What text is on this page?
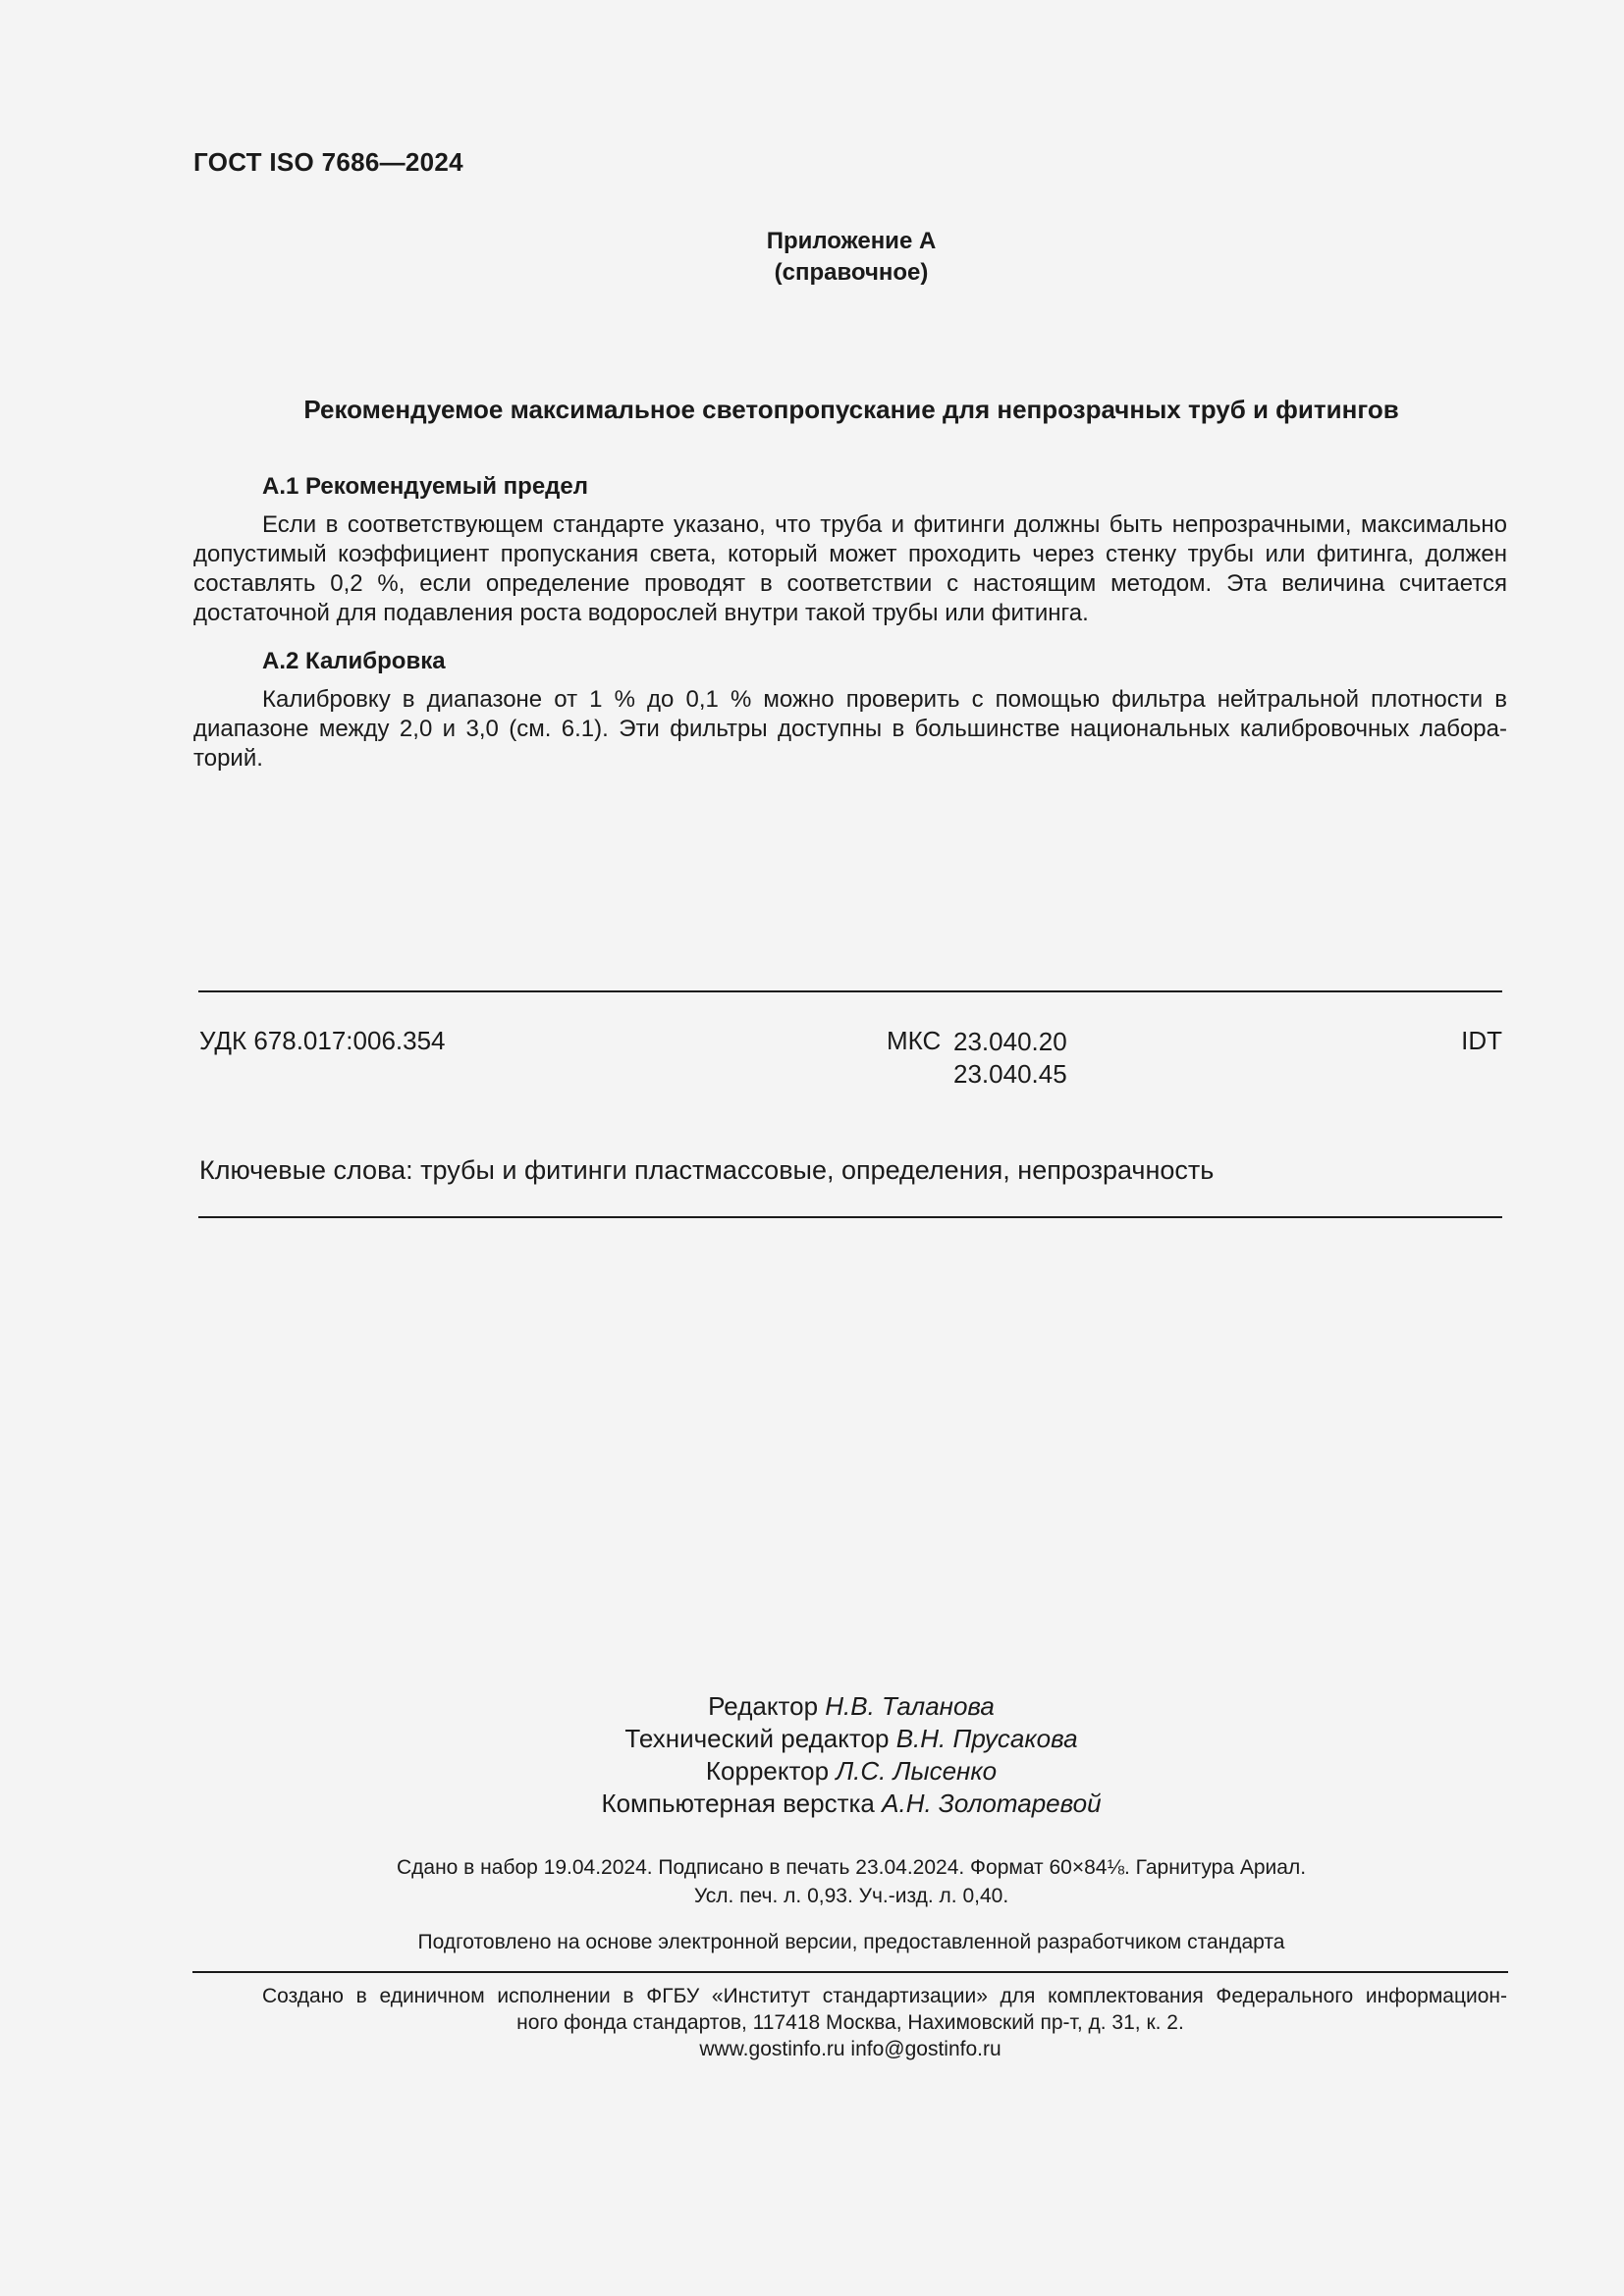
ГОСТ ISO 7686—2024
Приложение А
(справочное)
Рекомендуемое максимальное светопропускание для непрозрачных труб и фитингов
А.1 Рекомендуемый предел
Если в соответствующем стандарте указано, что труба и фитинги должны быть непрозрачными, максимально допустимый коэффициент пропускания света, который может проходить через стенку трубы или фитинга, должен составлять 0,2 %, если определение проводят в соответствии с настоящим методом. Эта величина считается достаточной для подавления роста водорослей внутри такой трубы или фитинга.
А.2 Калибровка
Калибровку в диапазоне от 1 % до 0,1 % можно проверить с помощью фильтра нейтральной плотности в диапазоне между 2,0 и 3,0 (см. 6.1). Эти фильтры доступны в большинстве национальных калибровочных лабораторий.
УДК 678.017:006.354	МКС 23.040.20
23.040.45
IDT
Ключевые слова: трубы и фитинги пластмассовые, определения, непрозрачность
Редактор Н.В. Таланова
Технический редактор В.Н. Прусакова
Корректор Л.С. Лысенко
Компьютерная верстка А.Н. Золотаревой
Сдано в набор 19.04.2024. Подписано в печать 23.04.2024. Формат 60×84⅛. Гарнитура Ариал.
Усл. печ. л. 0,93. Уч.-изд. л. 0,40.
Подготовлено на основе электронной версии, предоставленной разработчиком стандарта
Создано в единичном исполнении в ФГБУ «Институт стандартизации» для комплектования Федерального информацион-
ного фонда стандартов, 117418 Москва, Нахимовский пр-т, д. 31, к. 2.
www.gostinfo.ru info@gostinfo.ru
